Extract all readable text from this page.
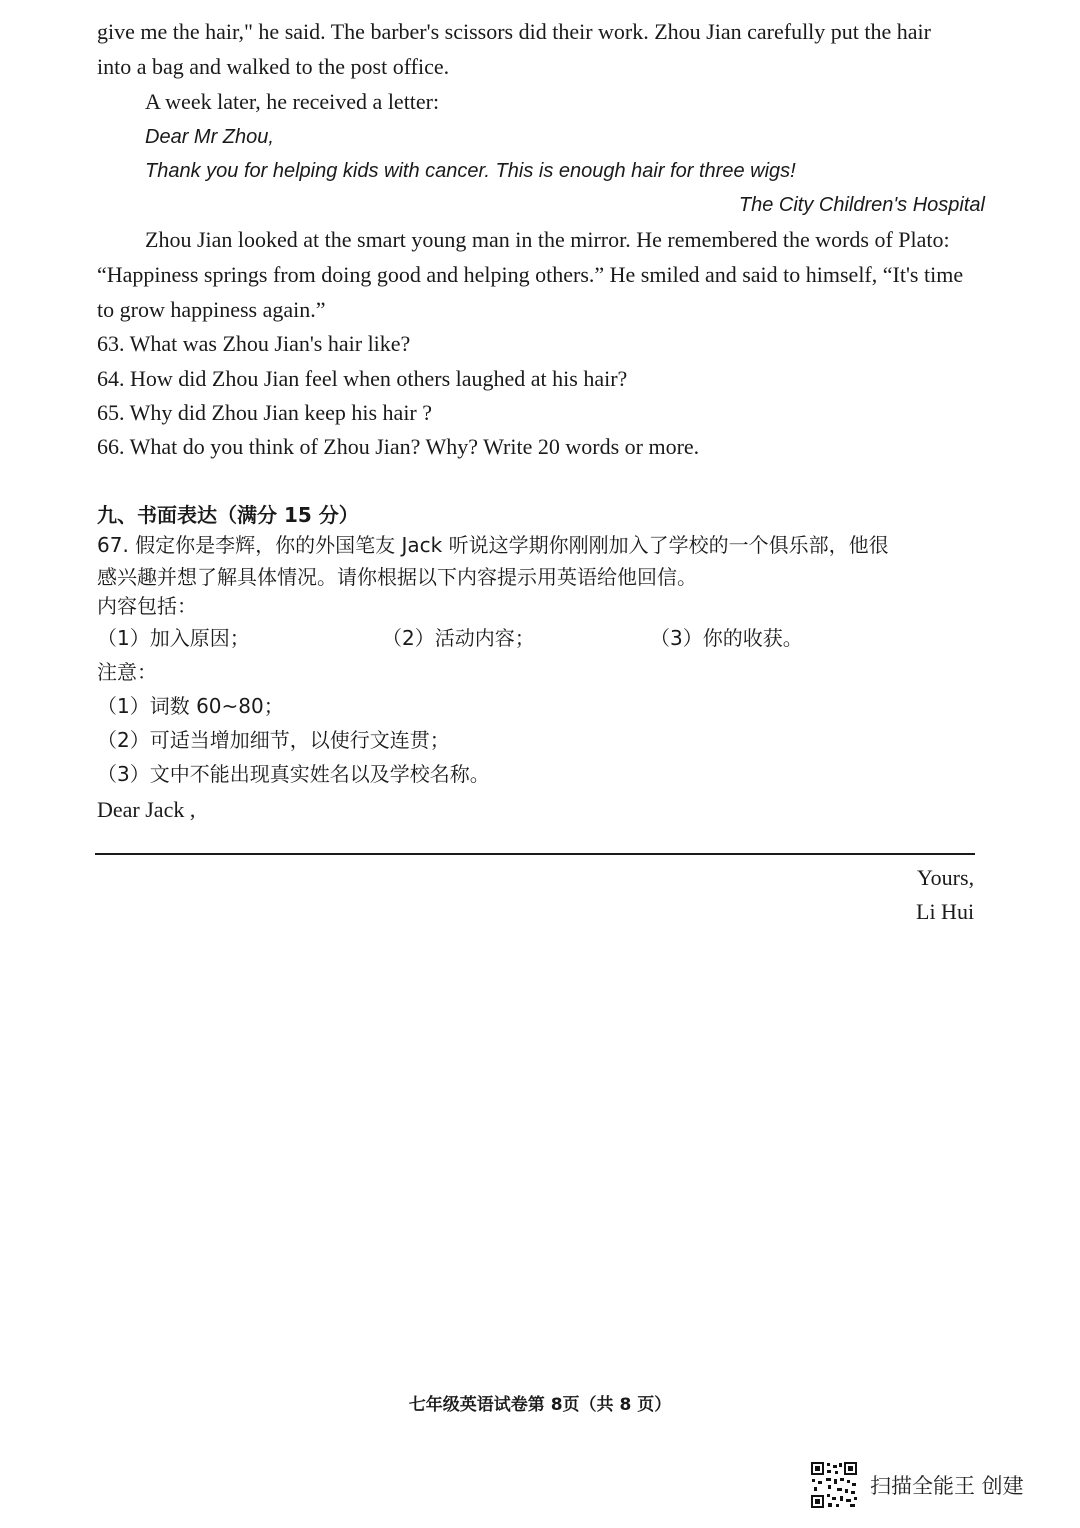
give me the hair," he said. The barber's scissors did their work. Zhou Jian carefully put the hair
into a bag and walked to the post office.
A week later, he received a letter:
Dear Mr Zhou,
Thank you for helping kids with cancer. This is enough hair for three wigs!
The City Children's Hospital
Zhou Jian looked at the smart young man in the mirror. He remembered the words of Plato:
“Happiness springs from doing good and helping others.” He smiled and said to himself, “It's time
to grow happiness again.”
63. What was Zhou Jian's hair like?
64. How did Zhou Jian feel when others laughed at his hair?
65. Why did Zhou Jian keep his hair ?
66. What do you think of Zhou Jian? Why? Write 20 words or more.
九、书面表达（满分 15 分）
67. 假定你是李辉，你的外国笔友 Jack 听说这学期你刚刚加入了学校的一个俱乐部，他很
感兴趣并想了解具体情况。请你根据以下内容提示用英语给他回信。
内容包括：
（1）加入原因；	（2）活动内容；	（3）你的收获。
注意：
（1）词数 60~80；
（2）可适当增加细节，以使行文连贯；
（3）文中不能出现真实姓名以及学校名称。
Dear Jack ,
Yours,
Li Hui
七年级英语试卷第 8页（共 8 页）
扫描全能王 创建
